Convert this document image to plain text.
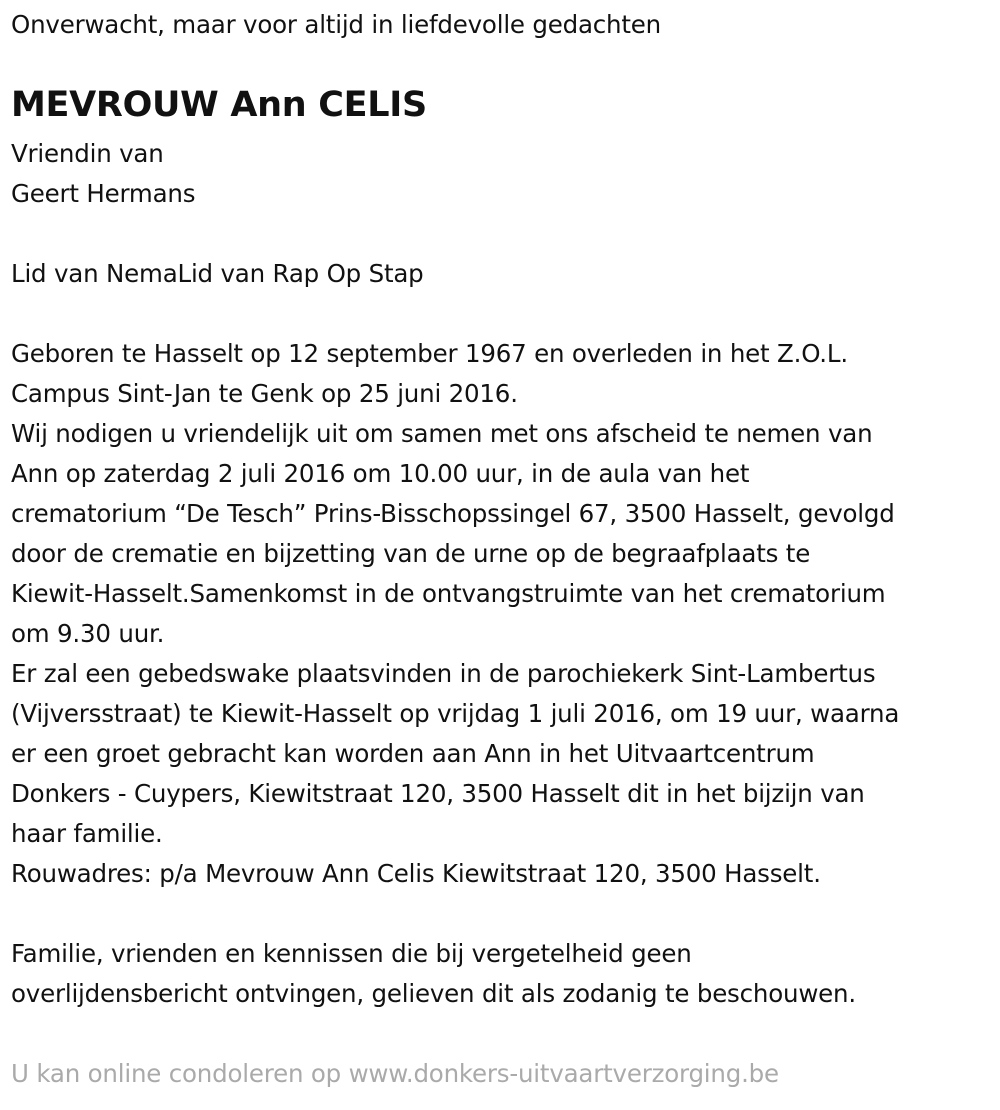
Onverwacht, maar voor altijd in liefdevolle gedachten
MEVROUW Ann CELIS
Vriendin van
Geert Hermans
Lid van NemaLid van Rap Op Stap
Geboren te Hasselt op 12 september 1967 en overleden in het Z.O.L.
Campus Sint-Jan te Genk op 25 juni 2016.
Wij nodigen u vriendelijk uit om samen met ons afscheid te nemen van
Ann op zaterdag 2 juli 2016 om 10.00 uur, in de aula van het
crematorium “De Tesch” Prins-Bisschopssingel 67, 3500 Hasselt, gevolgd
door de crematie en bijzetting van de urne op de begraafplaats te
Kiewit-Hasselt.Samenkomst in de ontvangstruimte van het crematorium
om 9.30 uur.
Er zal een gebedswake plaatsvinden in de parochiekerk Sint-Lambertus
(Vijversstraat) te Kiewit-Hasselt op vrijdag 1 juli 2016, om 19 uur, waarna
er een groet gebracht kan worden aan Ann in het Uitvaartcentrum
Donkers - Cuypers, Kiewitstraat 120, 3500 Hasselt dit in het bijzijn van
haar familie.
Rouwadres: p/a Mevrouw Ann Celis Kiewitstraat 120, 3500 Hasselt.
Familie, vrienden en kennissen die bij vergetelheid geen
overlijdensbericht ontvingen, gelieven dit als zodanig te beschouwen.
U kan online condoleren op www.donkers-uitvaartverzorging.be
